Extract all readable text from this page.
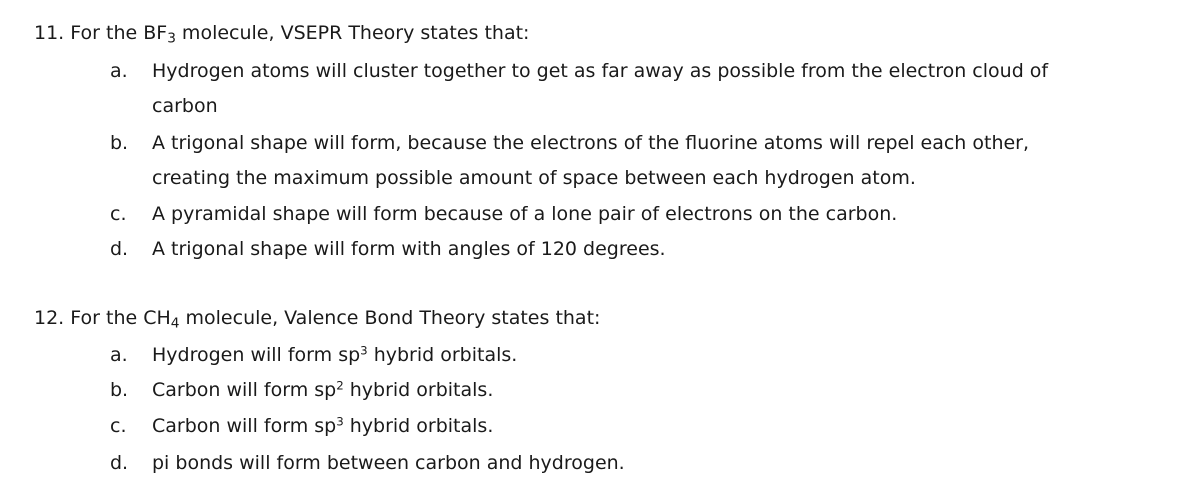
11. For the $BF_3$ molecule, VSEPR Theory states that:
a. Hydrogen atoms will cluster together to get as far away as possible from the electron cloud of carbon
b. A trigonal shape will form, because the electrons of the fluorine atoms will repel each other, creating the maximum possible amount of space between each hydrogen atom.
c. A pyramidal shape will form because of a lone pair of electrons on the carbon.
d. A trigonal shape will form with angles of 120 degrees.
12. For the $CH_4$ molecule, Valence Bond Theory states that:
a. Hydrogen will form $sp^3$ hybrid orbitals.
b. Carbon will form $sp^2$ hybrid orbitals.
c. Carbon will form $sp^3$ hybrid orbitals.
d. pi bonds will form between carbon and hydrogen.
